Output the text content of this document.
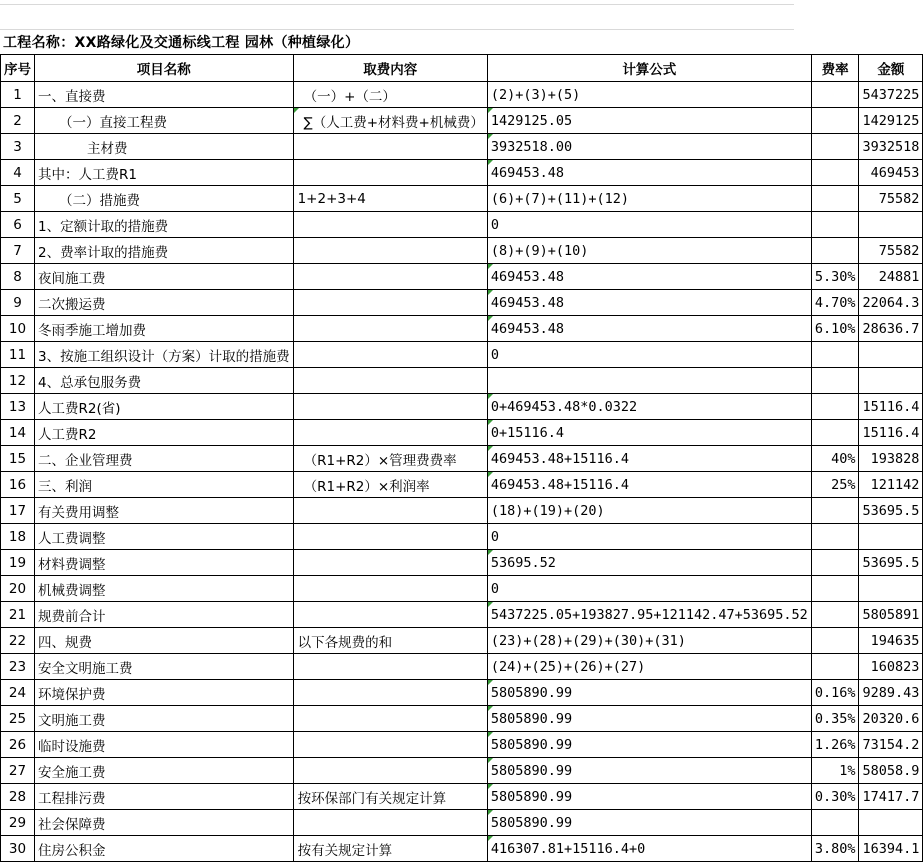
工程名称：XX路绿化及交通标线工程 园林（种植绿化）
序号	项目名称	取费内容	计算公式	费率	金额
1	一、直接费	（一）+（二）	(2)+(3)+(5)		5437225
2	（一）直接工程费	∑（人工费+材料费+机械费）	1429125.05		1429125
3	主材费		3932518.00		3932518
4	其中：人工费R1		469453.48		469453
5	（二）措施费	1+2+3+4	(6)+(7)+(11)+(12)		75582
6	1、定额计取的措施费		0		
7	2、费率计取的措施费		(8)+(9)+(10)		75582
8	夜间施工费		469453.48	5.30%	24881
9	二次搬运费		469453.48	4.70%	22064.3
10	冬雨季施工增加费		469453.48	6.10%	28636.7
11	3、按施工组织设计（方案）计取的措施费		0		
12	4、总承包服务费				
13	人工费R2(省)		0+469453.48*0.0322		15116.4
14	人工费R2		0+15116.4		15116.4
15	二、企业管理费	（R1+R2）×管理费费率	469453.48+15116.4	40%	193828
16	三、利润	（R1+R2）×利润率	469453.48+15116.4	25%	121142
17	有关费用调整		(18)+(19)+(20)		53695.5
18	人工费调整		0		
19	材料费调整		53695.52		53695.5
20	机械费调整		0		
21	规费前合计		5437225.05+193827.95+121142.47+53695.52		5805891
22	四、规费	以下各规费的和	(23)+(28)+(29)+(30)+(31)		194635
23	安全文明施工费		(24)+(25)+(26)+(27)		160823
24	环境保护费		5805890.99	0.16%	9289.43
25	文明施工费		5805890.99	0.35%	20320.6
26	临时设施费		5805890.99	1.26%	73154.2
27	安全施工费		5805890.99	1%	58058.9
28	工程排污费	按环保部门有关规定计算	5805890.99	0.30%	17417.7
29	社会保障费		5805890.99		
30	住房公积金	按有关规定计算	416307.81+15116.4+0	3.80%	16394.1
